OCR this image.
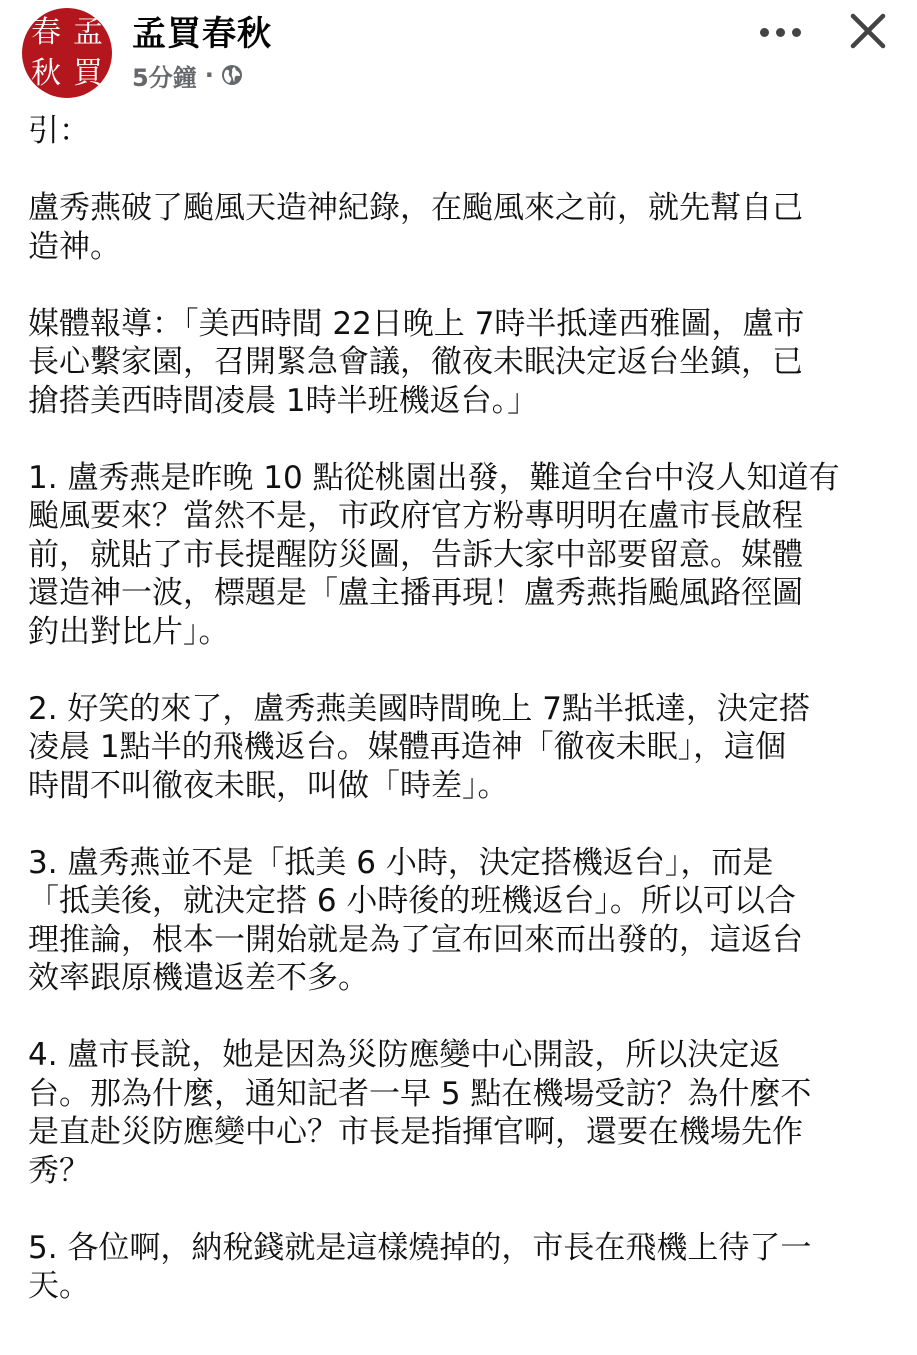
春 孟
秋 買
孟買春秋
5分鐘 ·

引：

盧秀燕破了颱風天造神紀錄，在颱風來之前，就先幫自己
造神。

媒體報導：「美西時間 22日晚上 7時半抵達西雅圖，盧市
長心繫家園，召開緊急會議，徹夜未眠決定返台坐鎮，已
搶搭美西時間凌晨 1時半班機返台。」

1. 盧秀燕是昨晚 10 點從桃園出發，難道全台中沒人知道有
颱風要來？當然不是，市政府官方粉專明明在盧市長啟程
前，就貼了市長提醒防災圖，告訴大家中部要留意。媒體
還造神一波，標題是「盧主播再現！盧秀燕指颱風路徑圖
釣出對比片」。

2. 好笑的來了，盧秀燕美國時間晚上 7點半抵達，決定搭
凌晨 1點半的飛機返台。媒體再造神「徹夜未眠」，這個
時間不叫徹夜未眠，叫做「時差」。

3. 盧秀燕並不是「抵美 6 小時，決定搭機返台」，而是
「抵美後，就決定搭 6 小時後的班機返台」。所以可以合
理推論，根本一開始就是為了宣布回來而出發的，這返台
效率跟原機遣返差不多。

4. 盧市長說，她是因為災防應變中心開設，所以決定返
台。那為什麼，通知記者一早 5 點在機場受訪？為什麼不
是直赴災防應變中心？市長是指揮官啊，還要在機場先作
秀？

5. 各位啊，納稅錢就是這樣燒掉的，市長在飛機上待了一
天。
